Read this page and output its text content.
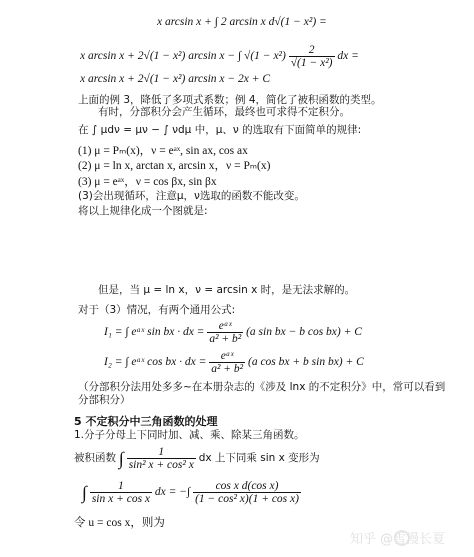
x arcsin x + ∫ 2 arcsin x d√(1 − x²) =
x arcsin x + 2√(1 − x²) arcsin x − ∫ $√(1 - x^2) \frac{2}{\text{√(1 − x²)}}$ dx =
x arcsin x + 2√(1 − x²) arcsin x − 2x + C
上面的例 3，降低了多项式系数；例 4，简化了被积函数的类型。
有时，分部积分会产生循环，最终也可求得不定积分。
在 ∫ μdν = μν − ∫ νdμ 中，μ、ν 的选取有下面简单的规律:
(1) μ = Pₘ(x)，ν = eᵃˣ, sin ax, cos ax
(2) μ = ln x, arctan x, arcsin x，ν = Pₘ(x)
(3) μ = eᵃˣ，ν = cos βx, sin βx
(3)会出现循环，注意μ，ν选取的函数不能改变。
将以上规律化成一个图就是:
但是，当 μ = ln x，ν = arcsin x 时，是无法求解的。
对于（3）情况，有两个通用公式:
I₁ = ∫ eᵃˣ sin bx · dx = $\frac{\text{eᵃˣ}}{\text{a² + b²}} (a$ sin bx − b cos bx) + C
I₂ = ∫ eᵃˣ cos bx · dx = $\frac{\text{eᵃˣ}}{\text{a² + b²}} (a$ cos bx + b sin bx) + C
（分部积分法用处多多~在本册杂志的《涉及 lnx 的不定积分》中，常可以看到
分部积分）
5 不定积分中三角函数的处理
1.分子分母上下同时加、减、乘、除某三角函数。
被积函数 ∫ $\frac{1}{\text{sin² x + cos² x}}$ dx 上下同乘 sin x 变形为
∫ $\frac{1}{\text{sin x + cos x}}$ dx = −∫ $\frac{\text{cos x d(cos x)}}{\text{(1 − cos² x)(1 + cos x)}}$
令 u = cos x，则为
知乎 @雪漫长夏
